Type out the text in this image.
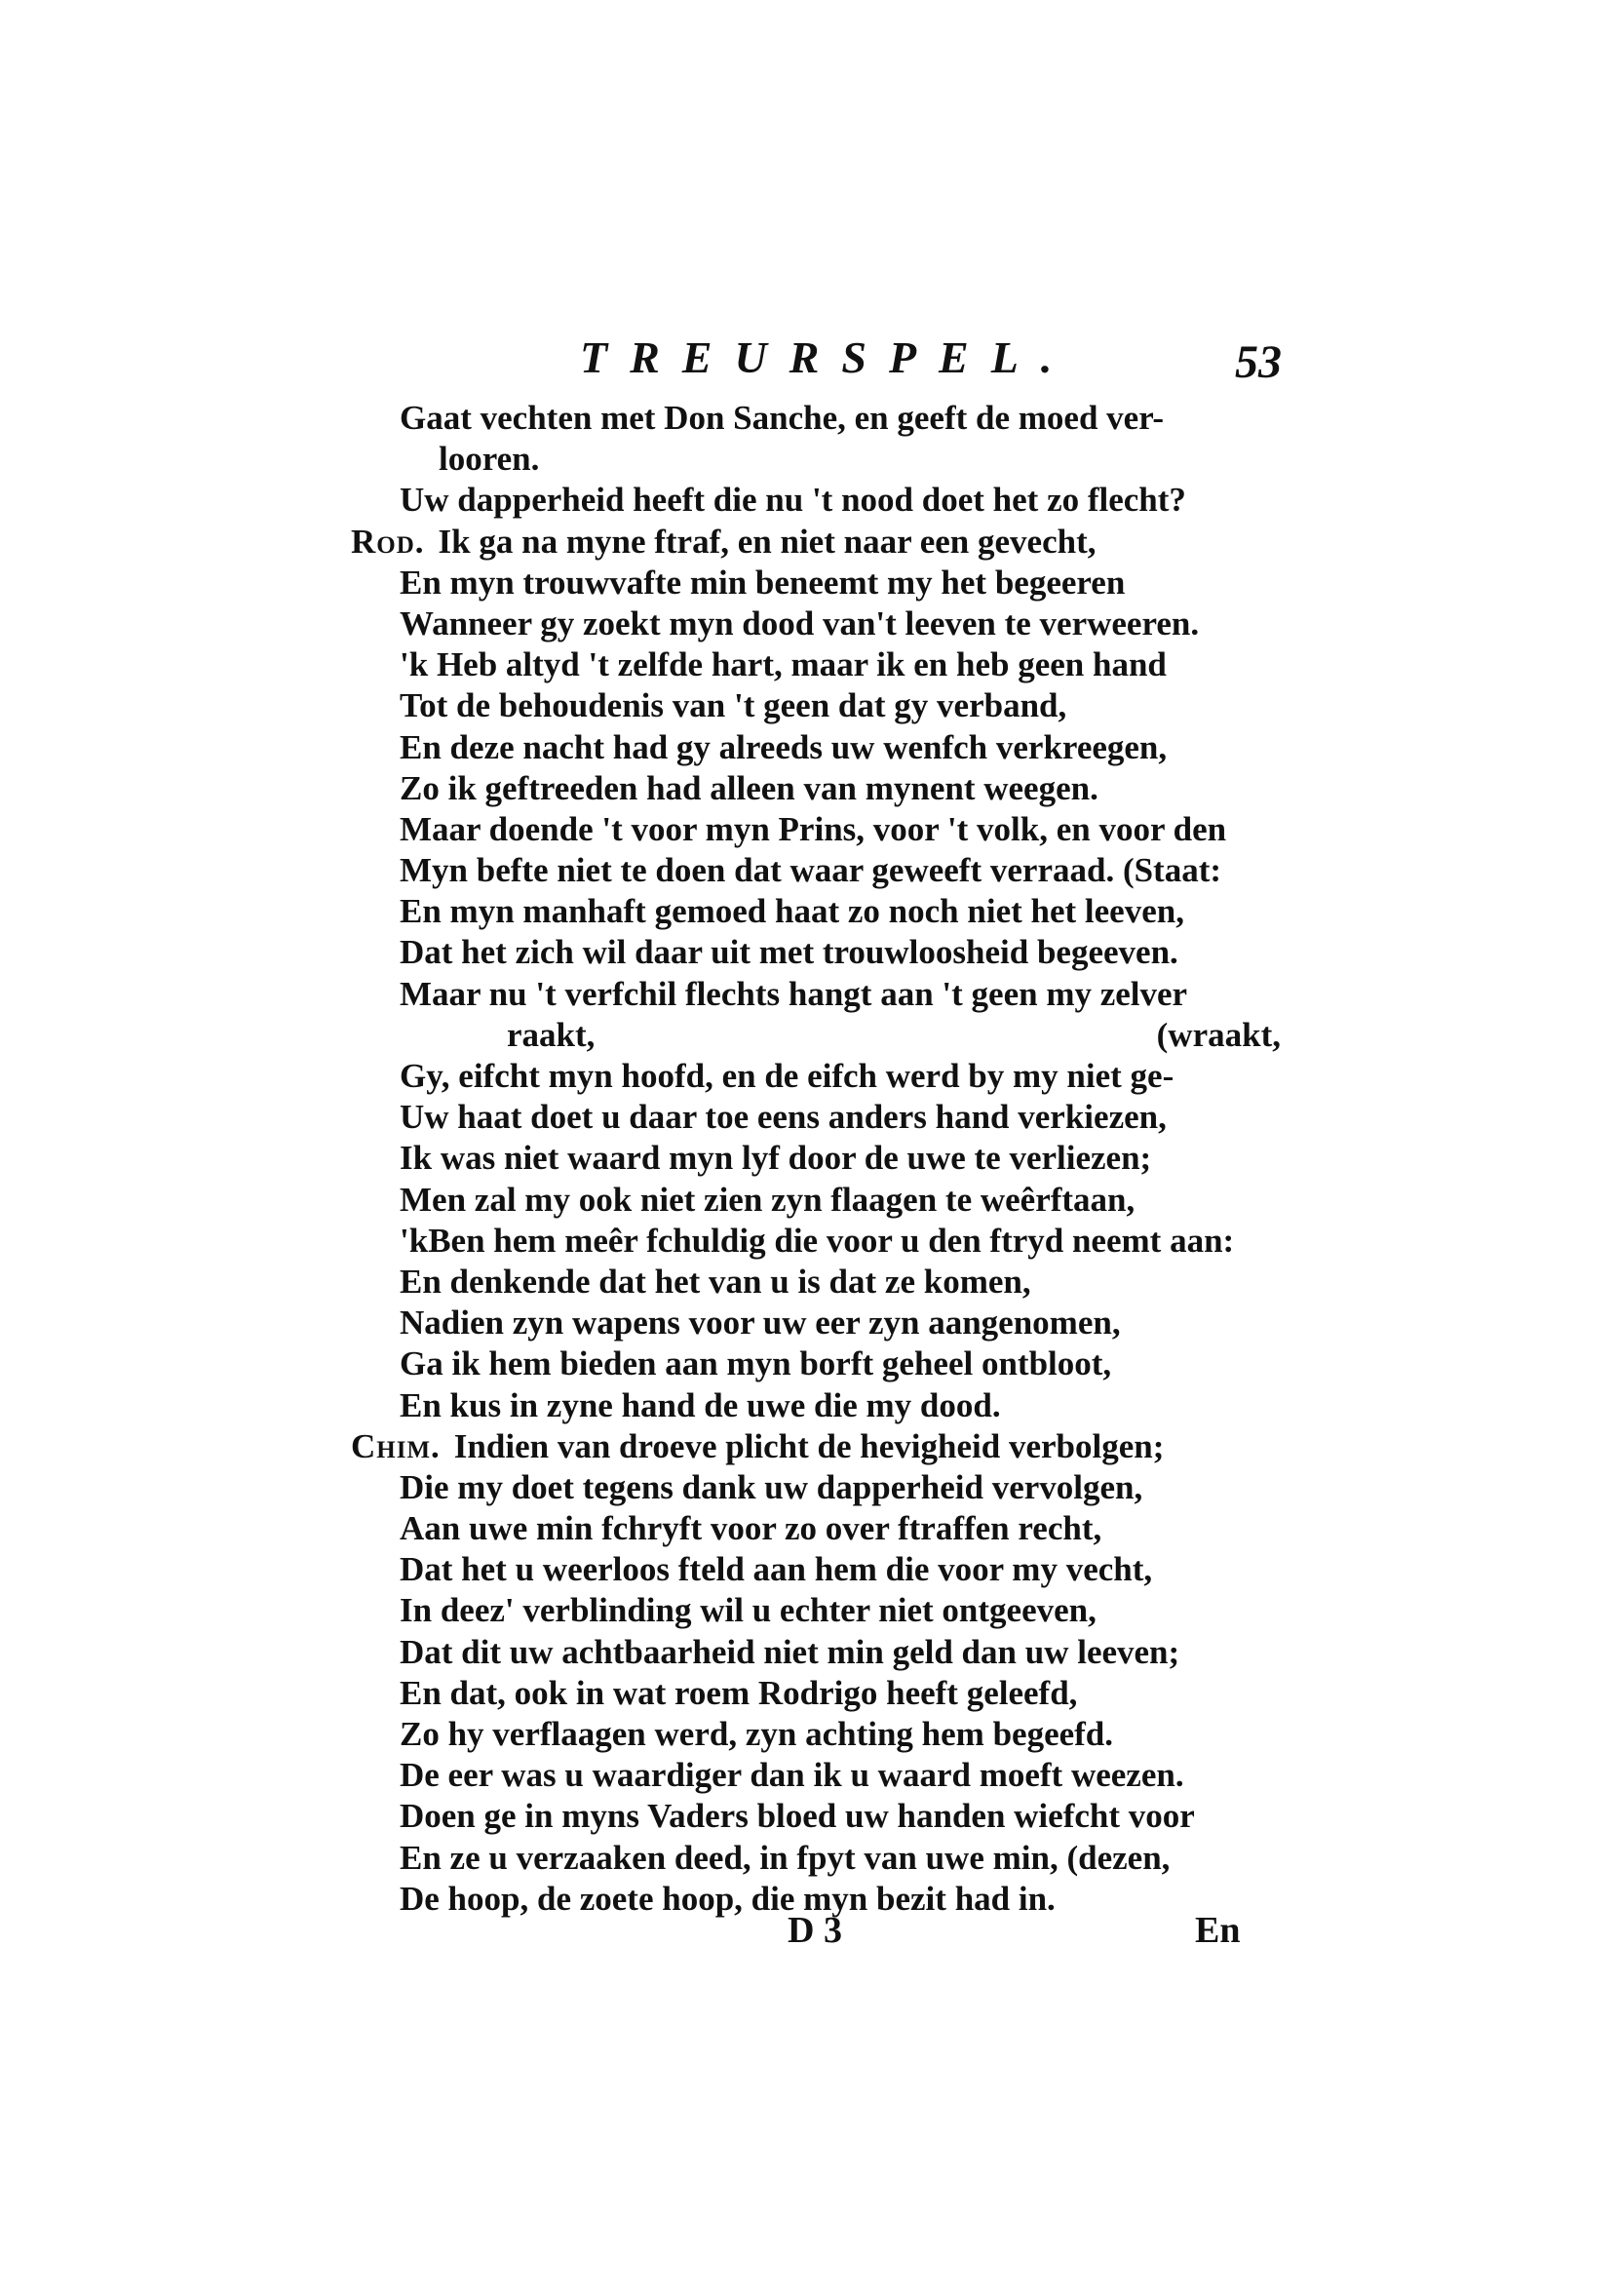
TREURSPEL.	53
Gaat vechten met Don Sanche, en geeft de moed ver-
looren.
Uw dapperheid heeft die nu 't nood doet het zo flecht?
Rod. Ik ga na myne ftraf, en niet naar een gevecht,
En myn trouwvafte min beneemt my het begeeren
Wanneer gy zoekt myn dood van't leeven te verweeren.
'k Heb altyd 't zelfde hart, maar ik en heb geen hand
Tot de behoudenis van 't geen dat gy verband,
En deze nacht had gy alreeds uw wenfch verkreegen,
Zo ik geftreeden had alleen van mynent weegen.
Maar doende 't voor myn Prins, voor 't volk, en voor den
Myn befte niet te doen dat waar geweeft verraad. (Staat:
En myn manhaft gemoed haat zo noch niet het leeven,
Dat het zich wil daar uit met trouwloosheid begeeven.
Maar nu 't verfchil flechts hangt aan 't geen my zelver
raakt,	(wraakt,
Gy, eifcht myn hoofd, en de eifch werd by my niet ge-
Uw haat doet u daar toe eens anders hand verkiezen,
Ik was niet waard myn lyf door de uwe te verliezen;
Men zal my ook niet zien zyn flaagen te weêrftaan,
'kBen hem meêr fchuldig die voor u den ftryd neemt aan:
En denkende dat het van u is dat ze komen,
Nadien zyn wapens voor uw eer zyn aangenomen,
Ga ik hem bieden aan myn borft geheel ontbloot,
En kus in zyne hand de uwe die my dood.
Chim. Indien van droeve plicht de hevigheid verbolgen;
Die my doet tegens dank uw dapperheid vervolgen,
Aan uwe min fchryft voor zo over ftraffen recht,
Dat het u weerloos fteld aan hem die voor my vecht,
In deez' verblinding wil u echter niet ontgeeven,
Dat dit uw achtbaarheid niet min geld dan uw leeven;
En dat, ook in wat roem Rodrigo heeft geleefd,
Zo hy verflaagen werd, zyn achting hem begeefd.
De eer was u waardiger dan ik u waard moeft weezen.
Doen ge in myns Vaders bloed uw handen wiefcht voor
En ze u verzaaken deed, in fpyt van uwe min, (dezen,
De hoop, de zoete hoop, die myn bezit had in.
D 3	En
